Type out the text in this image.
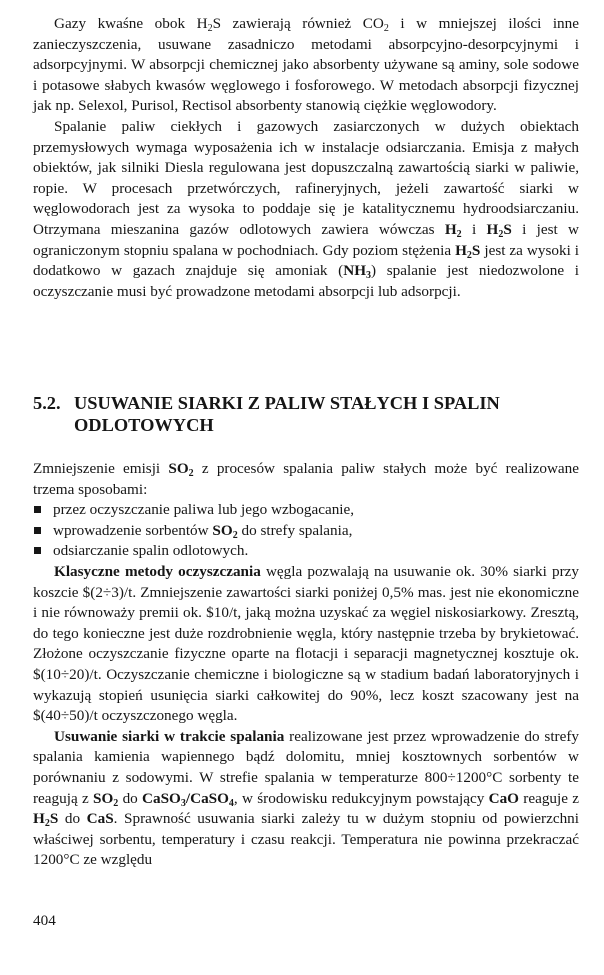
Gazy kwaśne obok $H_2S$ zawierają również $CO_2$ i w mniejszej ilości inne zanieczyszczenia, usuwane zasadniczo metodami absorpcyjno-desorpcyjnymi i adsorpcyjnymi. W absorpcji chemicznej jako absorbenty używane są aminy, sole sodowe i potasowe słabych kwasów węglowego i fosforowego. W metodach absorpcji fizycznej jak np. Selexol, Purisol, Rectisol absorbenty stanowią ciężkie węglowodory.

Spalanie paliw ciekłych i gazowych zasiarczonych w dużych obiektach przemysłowych wymaga wyposażenia ich w instalacje odsiarczania. Emisja z małych obiektów, jak silniki Diesla regulowana jest dopuszczalną zawartością siarki w paliwie, ropie. W procesach przetwórczych, rafineryjnych, jeżeli zawartość siarki w węglowodorach jest za wysoka to poddaje się je katalitycznemu hydroodsiarczaniu. Otrzymana mieszanina gazów odlotowych zawiera wówczas $H_2$ i $H_2S$ i jest w ograniczonym stopniu spalana w pochodniach. Gdy poziom stężenia $H_2S$ jest za wysoki i dodatkowo w gazach znajduje się amoniak $(NH_3)$ spalanie jest niedozwolone i oczyszczanie musi być prowadzone metodami absorpcji lub adsorpcji.

5.2. USUWANIE SIARKI Z PALIW STAŁYCH I SPALIN
ODLOTOWYCH

Zmniejszenie emisji $SO_2$ z procesów spalania paliw stałych może być realizowane trzema sposobami:

przez oczyszczanie paliwa lub jego wzbogacanie,
wprowadzenie sorbentów $SO_2$ do strefy spalania,
odsiarczanie spalin odlotowych.

Klasyczne metody oczyszczania węgla pozwalają na usuwanie ok. 30% siarki przy koszcie $(2÷3)/t. Zmniejszenie zawartości siarki poniżej 0,5% mas. jest nie ekonomiczne i nie równoważy premii ok. $10/t, jaką można uzyskać za węgiel niskosiarkowy. Zresztą, do tego konieczne jest duże rozdrobnienie węgla, który następnie trzeba by brykietować. Złożone oczyszczanie fizyczne oparte na flotacji i separacji magnetycznej kosztuje ok. $(10÷20)/t. Oczyszczanie chemiczne i biologiczne są w stadium badań laboratoryjnych i wykazują stopień usunięcia siarki całkowitej do 90%, lecz koszt szacowany jest na $(40÷50)/t oczyszczonego węgla.

Usuwanie siarki w trakcie spalania realizowane jest przez wprowadzenie do strefy spalania kamienia wapiennego bądź dolomitu, mniej kosztownych sorbentów w porównaniu z sodowymi. W strefie spalania w temperaturze 800÷1200°C sorbenty te reagują z $SO_2$ do CaSO$_3$/CaSO$_4$, w środowisku redukcyjnym powstający CaO reaguje z $H_2S$ do CaS. Sprawność usuwania siarki zależy tu w dużym stopniu od powierzchni właściwej sorbentu, temperatury i czasu reakcji. Temperatura nie powinna przekraczać 1200°C ze względu

404
